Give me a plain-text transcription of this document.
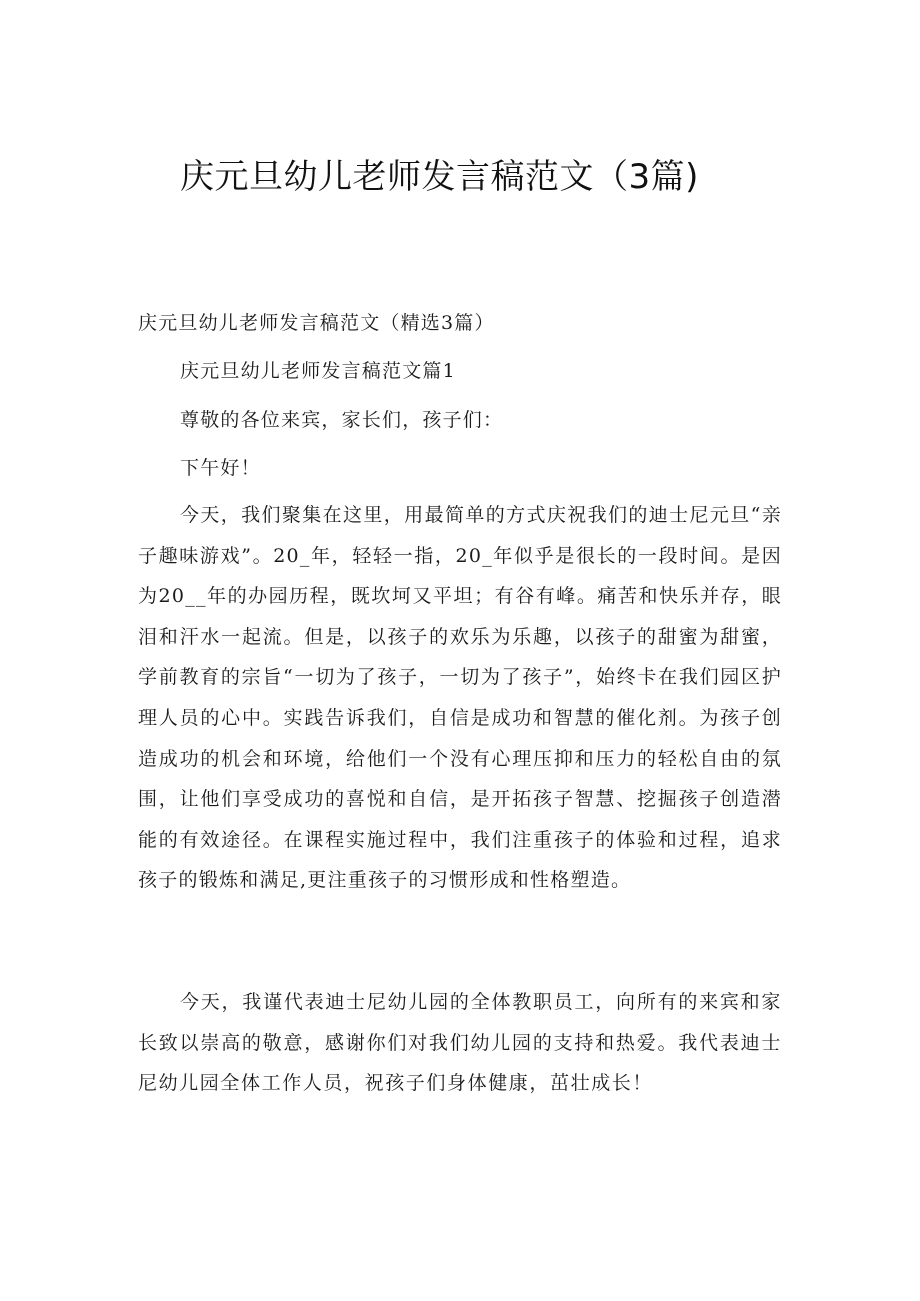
庆元旦幼儿老师发言稿范文（3篇)

庆元旦幼儿老师发言稿范文（精选3篇）

庆元旦幼儿老师发言稿范文篇1

尊敬的各位来宾，家长们，孩子们：

下午好！

今天，我们聚集在这里，用最简单的方式庆祝我们的迪士尼元旦“亲子趣味游戏”。20_年，轻轻一指，20_年似乎是很长的一段时间。是因为20__年的办园历程，既坎坷又平坦；有谷有峰。痛苦和快乐并存，眼泪和汗水一起流。但是，以孩子的欢乐为乐趣，以孩子的甜蜜为甜蜜，学前教育的宗旨“一切为了孩子，一切为了孩子”，始终卡在我们园区护理人员的心中。实践告诉我们，自信是成功和智慧的催化剂。为孩子创造成功的机会和环境，给他们一个没有心理压抑和压力的轻松自由的氛围，让他们享受成功的喜悦和自信，是开拓孩子智慧、挖掘孩子创造潜能的有效途径。在课程实施过程中，我们注重孩子的体验和过程，追求孩子的锻炼和满足,更注重孩子的习惯形成和性格塑造。

今天，我谨代表迪士尼幼儿园的全体教职员工，向所有的来宾和家长致以崇高的敬意，感谢你们对我们幼儿园的支持和热爱。我代表迪士尼幼儿园全体工作人员，祝孩子们身体健康，茁壮成长！
